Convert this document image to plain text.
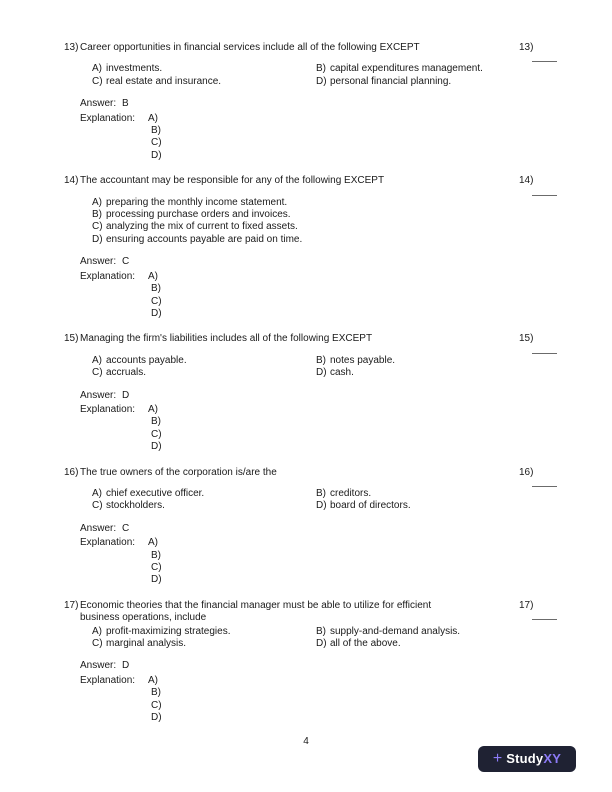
13) Career opportunities in financial services include all of the following EXCEPT	13)
A) investments.	B) capital expenditures management.
C) real estate and insurance.	D) personal financial planning.
Answer: B
Explanation:	A)
B)
C)
D)
14) The accountant may be responsible for any of the following EXCEPT	14)
A) preparing the monthly income statement.
B) processing purchase orders and invoices.
C) analyzing the mix of current to fixed assets.
D) ensuring accounts payable are paid on time.
Answer: C
Explanation:	A)
B)
C)
D)
15) Managing the firm's liabilities includes all of the following EXCEPT	15)
A) accounts payable.	B) notes payable.
C) accruals.	D) cash.
Answer: D
Explanation:	A)
B)
C)
D)
16) The true owners of the corporation is/are the	16)
A) chief executive officer.	B) creditors.
C) stockholders.	D) board of directors.
Answer: C
Explanation:	A)
B)
C)
D)
17) Economic theories that the financial manager must be able to utilize for efficient business operations, include
17)
A) profit-maximizing strategies.	B) supply-and-demand analysis.
C) marginal analysis.	D) all of the above.
Answer: D
Explanation:	A)
B)
C)
D)
4
+ Study XY
